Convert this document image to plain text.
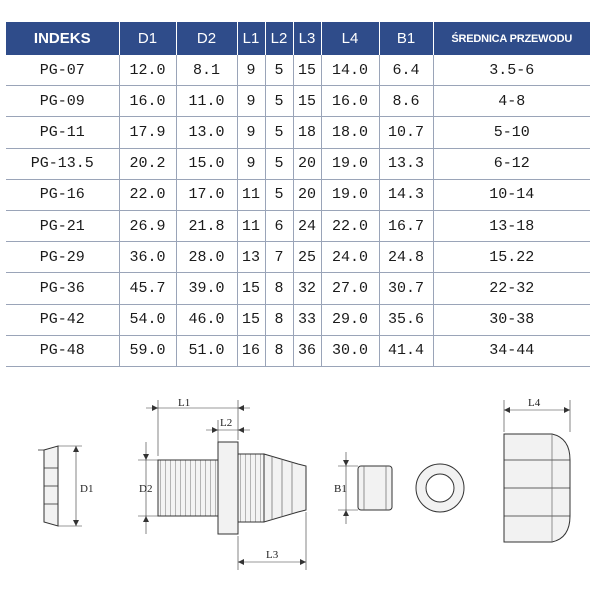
INDEKS	D1	D2	L1	L2	L3	L4	B1	ŚREDNICA PRZEWODU
PG-07	12.0	8.1	9	5	15	14.0	6.4	3.5-6
PG-09	16.0	11.0	9	5	15	16.0	8.6	4-8
PG-11	17.9	13.0	9	5	18	18.0	10.7	5-10
PG-13.5	20.2	15.0	9	5	20	19.0	13.3	6-12
PG-16	22.0	17.0	11	5	20	19.0	14.3	10-14
PG-21	26.9	21.8	11	6	24	22.0	16.7	13-18
PG-29	36.0	28.0	13	7	25	24.0	24.8	15.22
PG-36	45.7	39.0	15	8	32	27.0	30.7	22-32
PG-42	54.0	46.0	15	8	33	29.0	35.6	30-38
PG-48	59.0	51.0	16	8	36	30.0	41.4	34-44
D1	D2
L1
L2
L3
B1
L4
